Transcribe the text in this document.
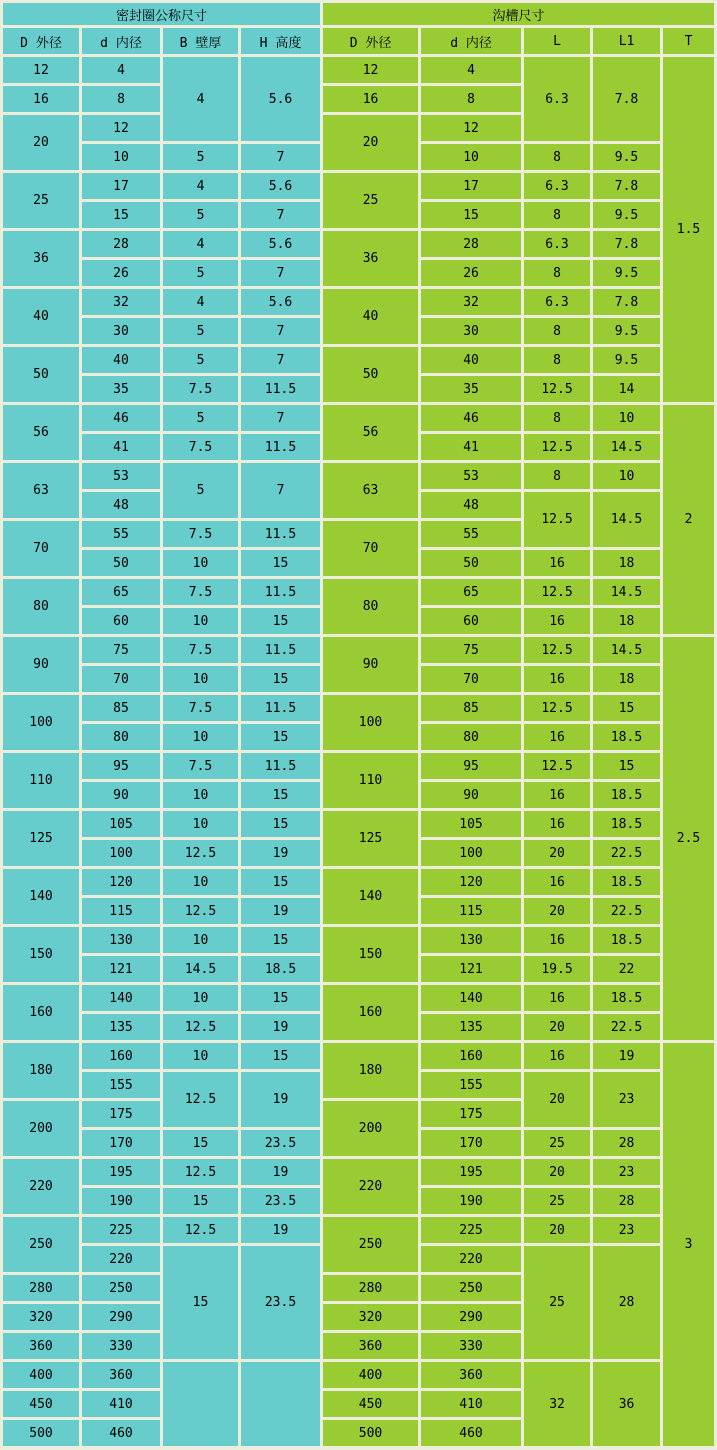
密封圈公称尺寸				沟槽尺寸				
D 外径	d 内径	B 壁厚	H 高度	D 外径	d 内径	L	L1	T
12	4	4	5.6	12	4	6.3	7.8	1.5
16	8			16	8			
20	12			20	12			
	10	5	7		10	8	9.5	
25	17	4	5.6	25	17	6.3	7.8	
	15	5	7		15	8	9.5	
36	28	4	5.6	36	28	6.3	7.8	
	26	5	7		26	8	9.5	
40	32	4	5.6	40	32	6.3	7.8	
	30	5	7		30	8	9.5	
50	40	5	7	50	40	8	9.5	
	35	7.5	11.5		35	12.5	14	
56	46	5	7	56	46	8	10	2
	41	7.5	11.5		41	12.5	14.5	
63	53	5	7	63	53	8	10	
	48				48	12.5	14.5	
70	55	7.5	11.5	70	55			
	50	10	15		50	16	18	
80	65	7.5	11.5	80	65	12.5	14.5	
	60	10	15		60	16	18	
90	75	7.5	11.5	90	75	12.5	14.5	2.5
	70	10	15		70	16	18	
100	85	7.5	11.5	100	85	12.5	15	
	80	10	15		80	16	18.5	
110	95	7.5	11.5	110	95	12.5	15	
	90	10	15		90	16	18.5	
125	105	10	15	125	105	16	18.5	
	100	12.5	19		100	20	22.5	
140	120	10	15	140	120	16	18.5	
	115	12.5	19		115	20	22.5	
150	130	10	15	150	130	16	18.5	
	121	14.5	18.5		121	19.5	22	
160	140	10	15	160	140	16	18.5	
	135	12.5	19		135	20	22.5	
180	160	10	15	180	160	16	19	3
	155	12.5	19		155	20	23	
200	175			200	175			
	170	15	23.5		170	25	28	
220	195	12.5	19	220	195	20	23	
	190	15	23.5		190	25	28	
250	225	12.5	19	250	225	20	23	
	220	15	23.5		220	25	28	
280	250			280	250			
320	290			320	290			
360	330			360	330			
400	360			400	360	32	36	
450	410			450	410			
500	460			500	460			
